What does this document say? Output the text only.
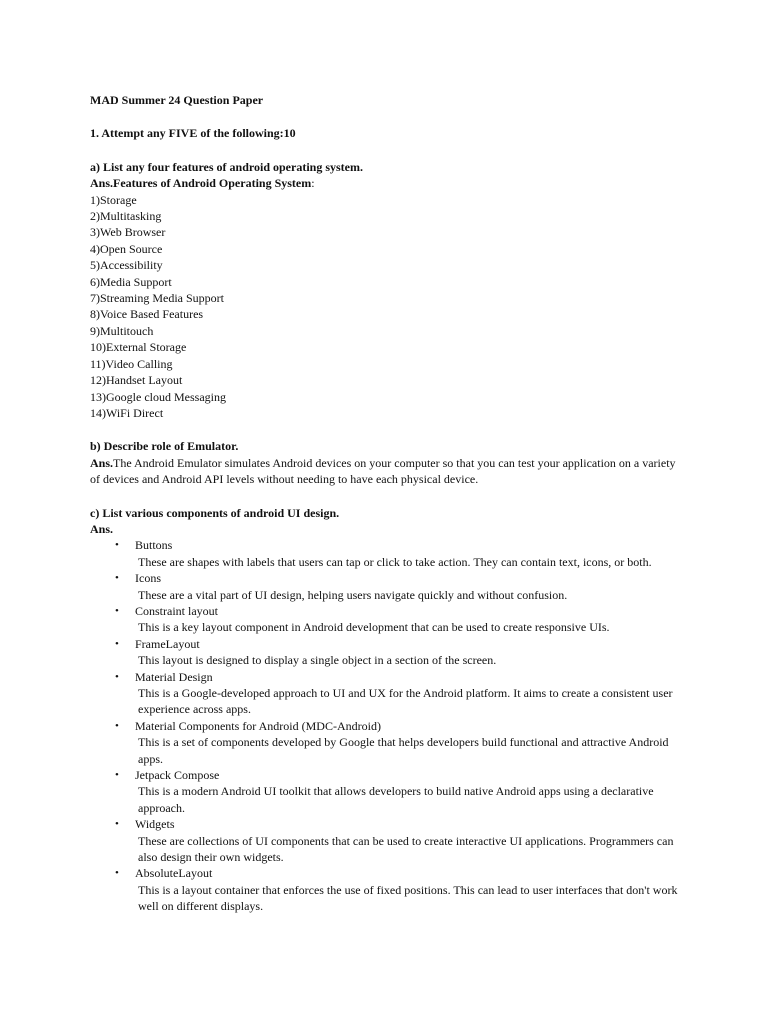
MAD Summer 24 Question Paper

1. Attempt any FIVE of the following:10

a) List any four features of android operating system.

Ans.Features of Android Operating System:

1)Storage

2)Multitasking

3)Web Browser

4)Open Source

5)Accessibility

6)Media Support

7)Streaming Media Support

8)Voice Based Features

9)Multitouch

10)External Storage

11)Video Calling

12)Handset Layout

13)Google cloud Messaging

14)WiFi Direct

b) Describe role of Emulator.

Ans.The Android Emulator simulates Android devices on your computer so that you can test your application on a variety of devices and Android API levels without needing to have each physical device.

c) List various components of android UI design.

Ans.

• Buttons
These are shapes with labels that users can tap or click to take action. They can contain text, icons, or both.
• Icons
These are a vital part of UI design, helping users navigate quickly and without confusion.
• Constraint layout
This is a key layout component in Android development that can be used to create responsive UIs.
• FrameLayout
This layout is designed to display a single object in a section of the screen.
• Material Design
This is a Google-developed approach to UI and UX for the Android platform. It aims to create a consistent user experience across apps.
• Material Components for Android (MDC-Android)
This is a set of components developed by Google that helps developers build functional and attractive Android apps.
• Jetpack Compose
This is a modern Android UI toolkit that allows developers to build native Android apps using a declarative approach.
• Widgets
These are collections of UI components that can be used to create interactive UI applications. Programmers can also design their own widgets.
• AbsoluteLayout
This is a layout container that enforces the use of fixed positions. This can lead to user interfaces that don't work well on different displays.
